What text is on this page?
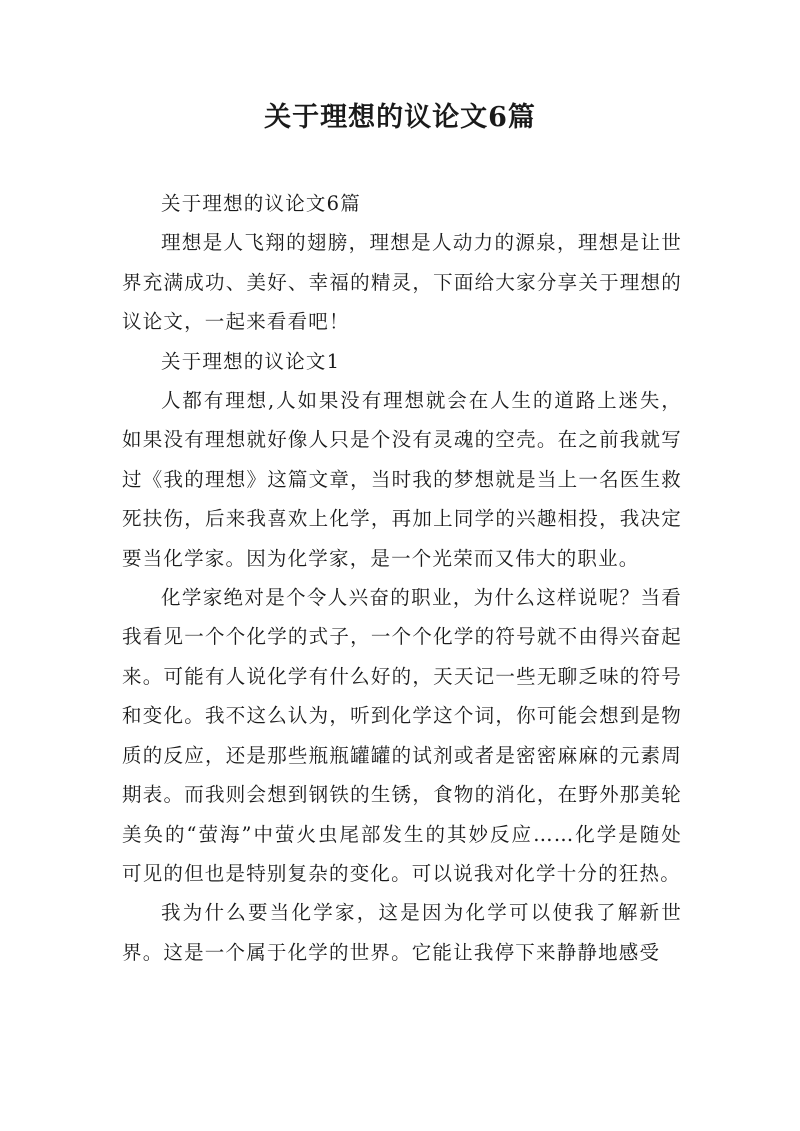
关于理想的议论文6篇

关于理想的议论文6篇

理想是人飞翔的翅膀，理想是人动力的源泉，理想是让世界充满成功、美好、幸福的精灵，下面给大家分享关于理想的议论文，一起来看看吧！

关于理想的议论文1

人都有理想,人如果没有理想就会在人生的道路上迷失，如果没有理想就好像人只是个没有灵魂的空壳。在之前我就写过《我的理想》这篇文章，当时我的梦想就是当上一名医生救死扶伤，后来我喜欢上化学，再加上同学的兴趣相投，我决定要当化学家。因为化学家，是一个光荣而又伟大的职业。

化学家绝对是个令人兴奋的职业，为什么这样说呢？当看我看见一个个化学的式子，一个个化学的符号就不由得兴奋起来。可能有人说化学有什么好的，天天记一些无聊乏味的符号和变化。我不这么认为，听到化学这个词，你可能会想到是物质的反应，还是那些瓶瓶罐罐的试剂或者是密密麻麻的元素周期表。而我则会想到钢铁的生锈，食物的消化，在野外那美轮美奂的“萤海”中萤火虫尾部发生的其妙反应……化学是随处可见的但也是特别复杂的变化。可以说我对化学十分的狂热。

我为什么要当化学家，这是因为化学可以使我了解新世界。这是一个属于化学的世界。它能让我停下来静静地感受
